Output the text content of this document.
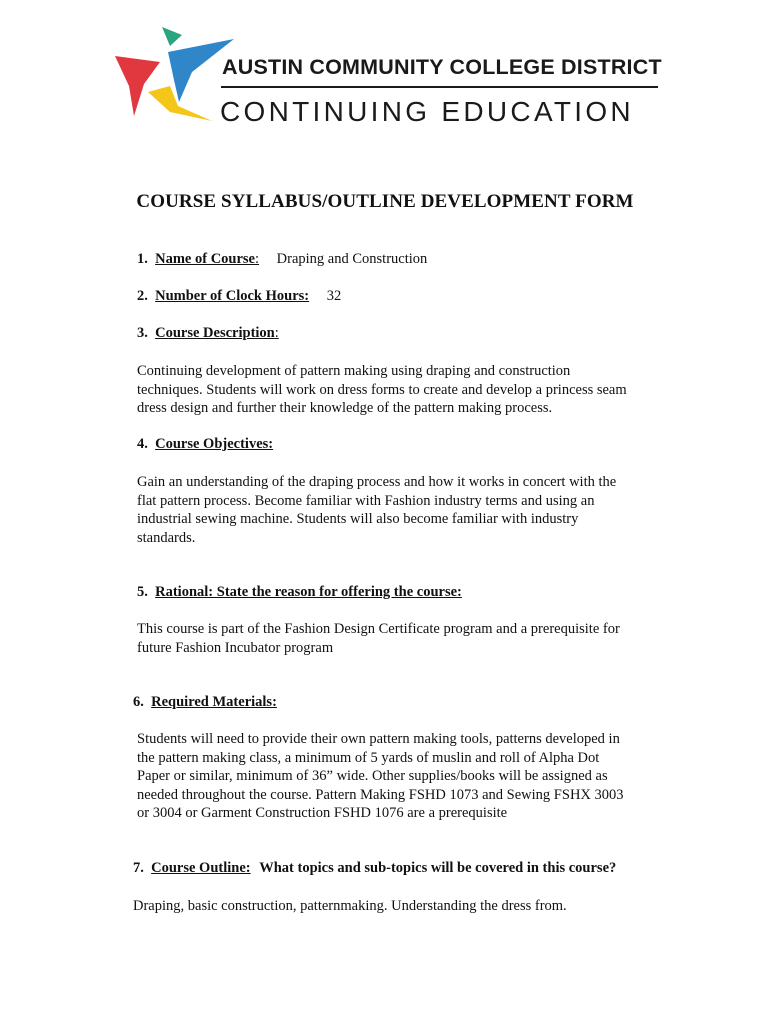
AUSTIN COMMUNITY COLLEGE DISTRICT
CONTINUING EDUCATION
COURSE SYLLABUS/OUTLINE DEVELOPMENT FORM
1. Name of Course: Draping and Construction
2. Number of Clock Hours: 32
3. Course Description:
Continuing development of pattern making using draping and construction
techniques. Students will work on dress forms to create and develop a princess seam
dress design and further their knowledge of the pattern making process.
4. Course Objectives:
Gain an understanding of the draping process and how it works in concert with the
flat pattern process. Become familiar with Fashion industry terms and using an
industrial sewing machine. Students will also become familiar with industry
standards.
5. Rational: State the reason for offering the course:
This course is part of the Fashion Design Certificate program and a prerequisite for
future Fashion Incubator program
6. Required Materials:
Students will need to provide their own pattern making tools, patterns developed in
the pattern making class, a minimum of 5 yards of muslin and roll of Alpha Dot
Paper or similar, minimum of 36” wide. Other supplies/books will be assigned as
needed throughout the course. Pattern Making FSHD 1073 and Sewing FSHX 3003
or 3004 or Garment Construction FSHD 1076 are a prerequisite
7. Course Outline: What topics and sub-topics will be covered in this course?
Draping, basic construction, patternmaking. Understanding the dress from.
